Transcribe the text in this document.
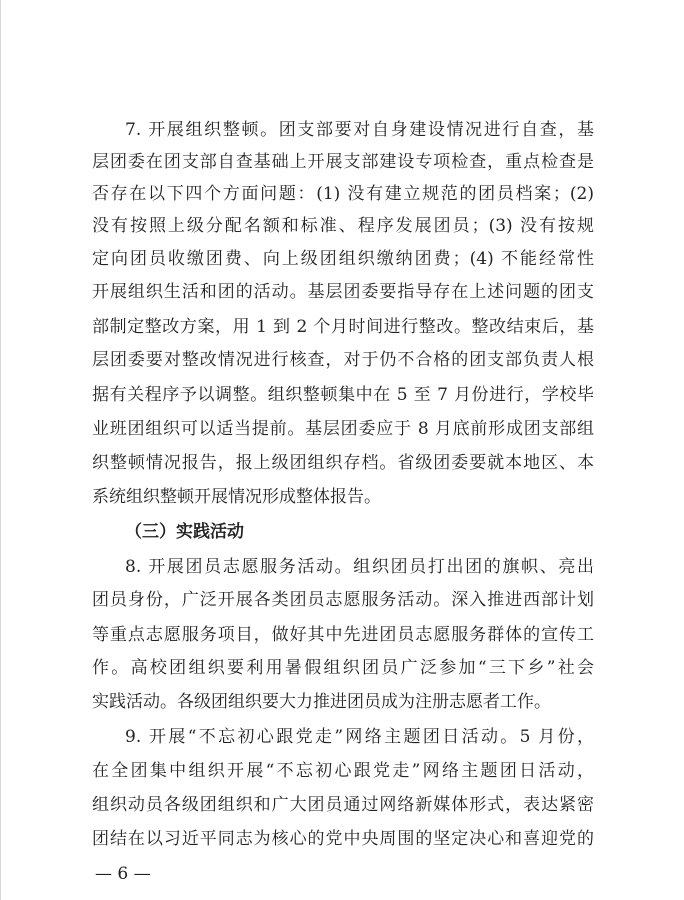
7. 开展组织整顿。团支部要对自身建设情况进行自查，基
层团委在团支部自查基础上开展支部建设专项检查，重点检查是
否存在以下四个方面问题：(1) 没有建立规范的团员档案；(2)
没有按照上级分配名额和标准、程序发展团员；(3) 没有按规
定向团员收缴团费、向上级团组织缴纳团费；(4) 不能经常性
开展组织生活和团的活动。基层团委要指导存在上述问题的团支
部制定整改方案，用 1 到 2 个月时间进行整改。整改结束后，基
层团委要对整改情况进行核查，对于仍不合格的团支部负责人根
据有关程序予以调整。组织整顿集中在 5 至 7 月份进行，学校毕
业班团组织可以适当提前。基层团委应于 8 月底前形成团支部组
织整顿情况报告，报上级团组织存档。省级团委要就本地区、本
系统组织整顿开展情况形成整体报告。
（三）实践活动
8. 开展团员志愿服务活动。组织团员打出团的旗帜、亮出
团员身份，广泛开展各类团员志愿服务活动。深入推进西部计划
等重点志愿服务项目，做好其中先进团员志愿服务群体的宣传工
作。高校团组织要利用暑假组织团员广泛参加“三下乡”社会
实践活动。各级团组织要大力推进团员成为注册志愿者工作。
9. 开展“不忘初心跟党走”网络主题团日活动。5 月份，
在全团集中组织开展“不忘初心跟党走”网络主题团日活动，
组织动员各级团组织和广大团员通过网络新媒体形式，表达紧密
团结在以习近平同志为核心的党中央周围的坚定决心和喜迎党的
— 6 —
